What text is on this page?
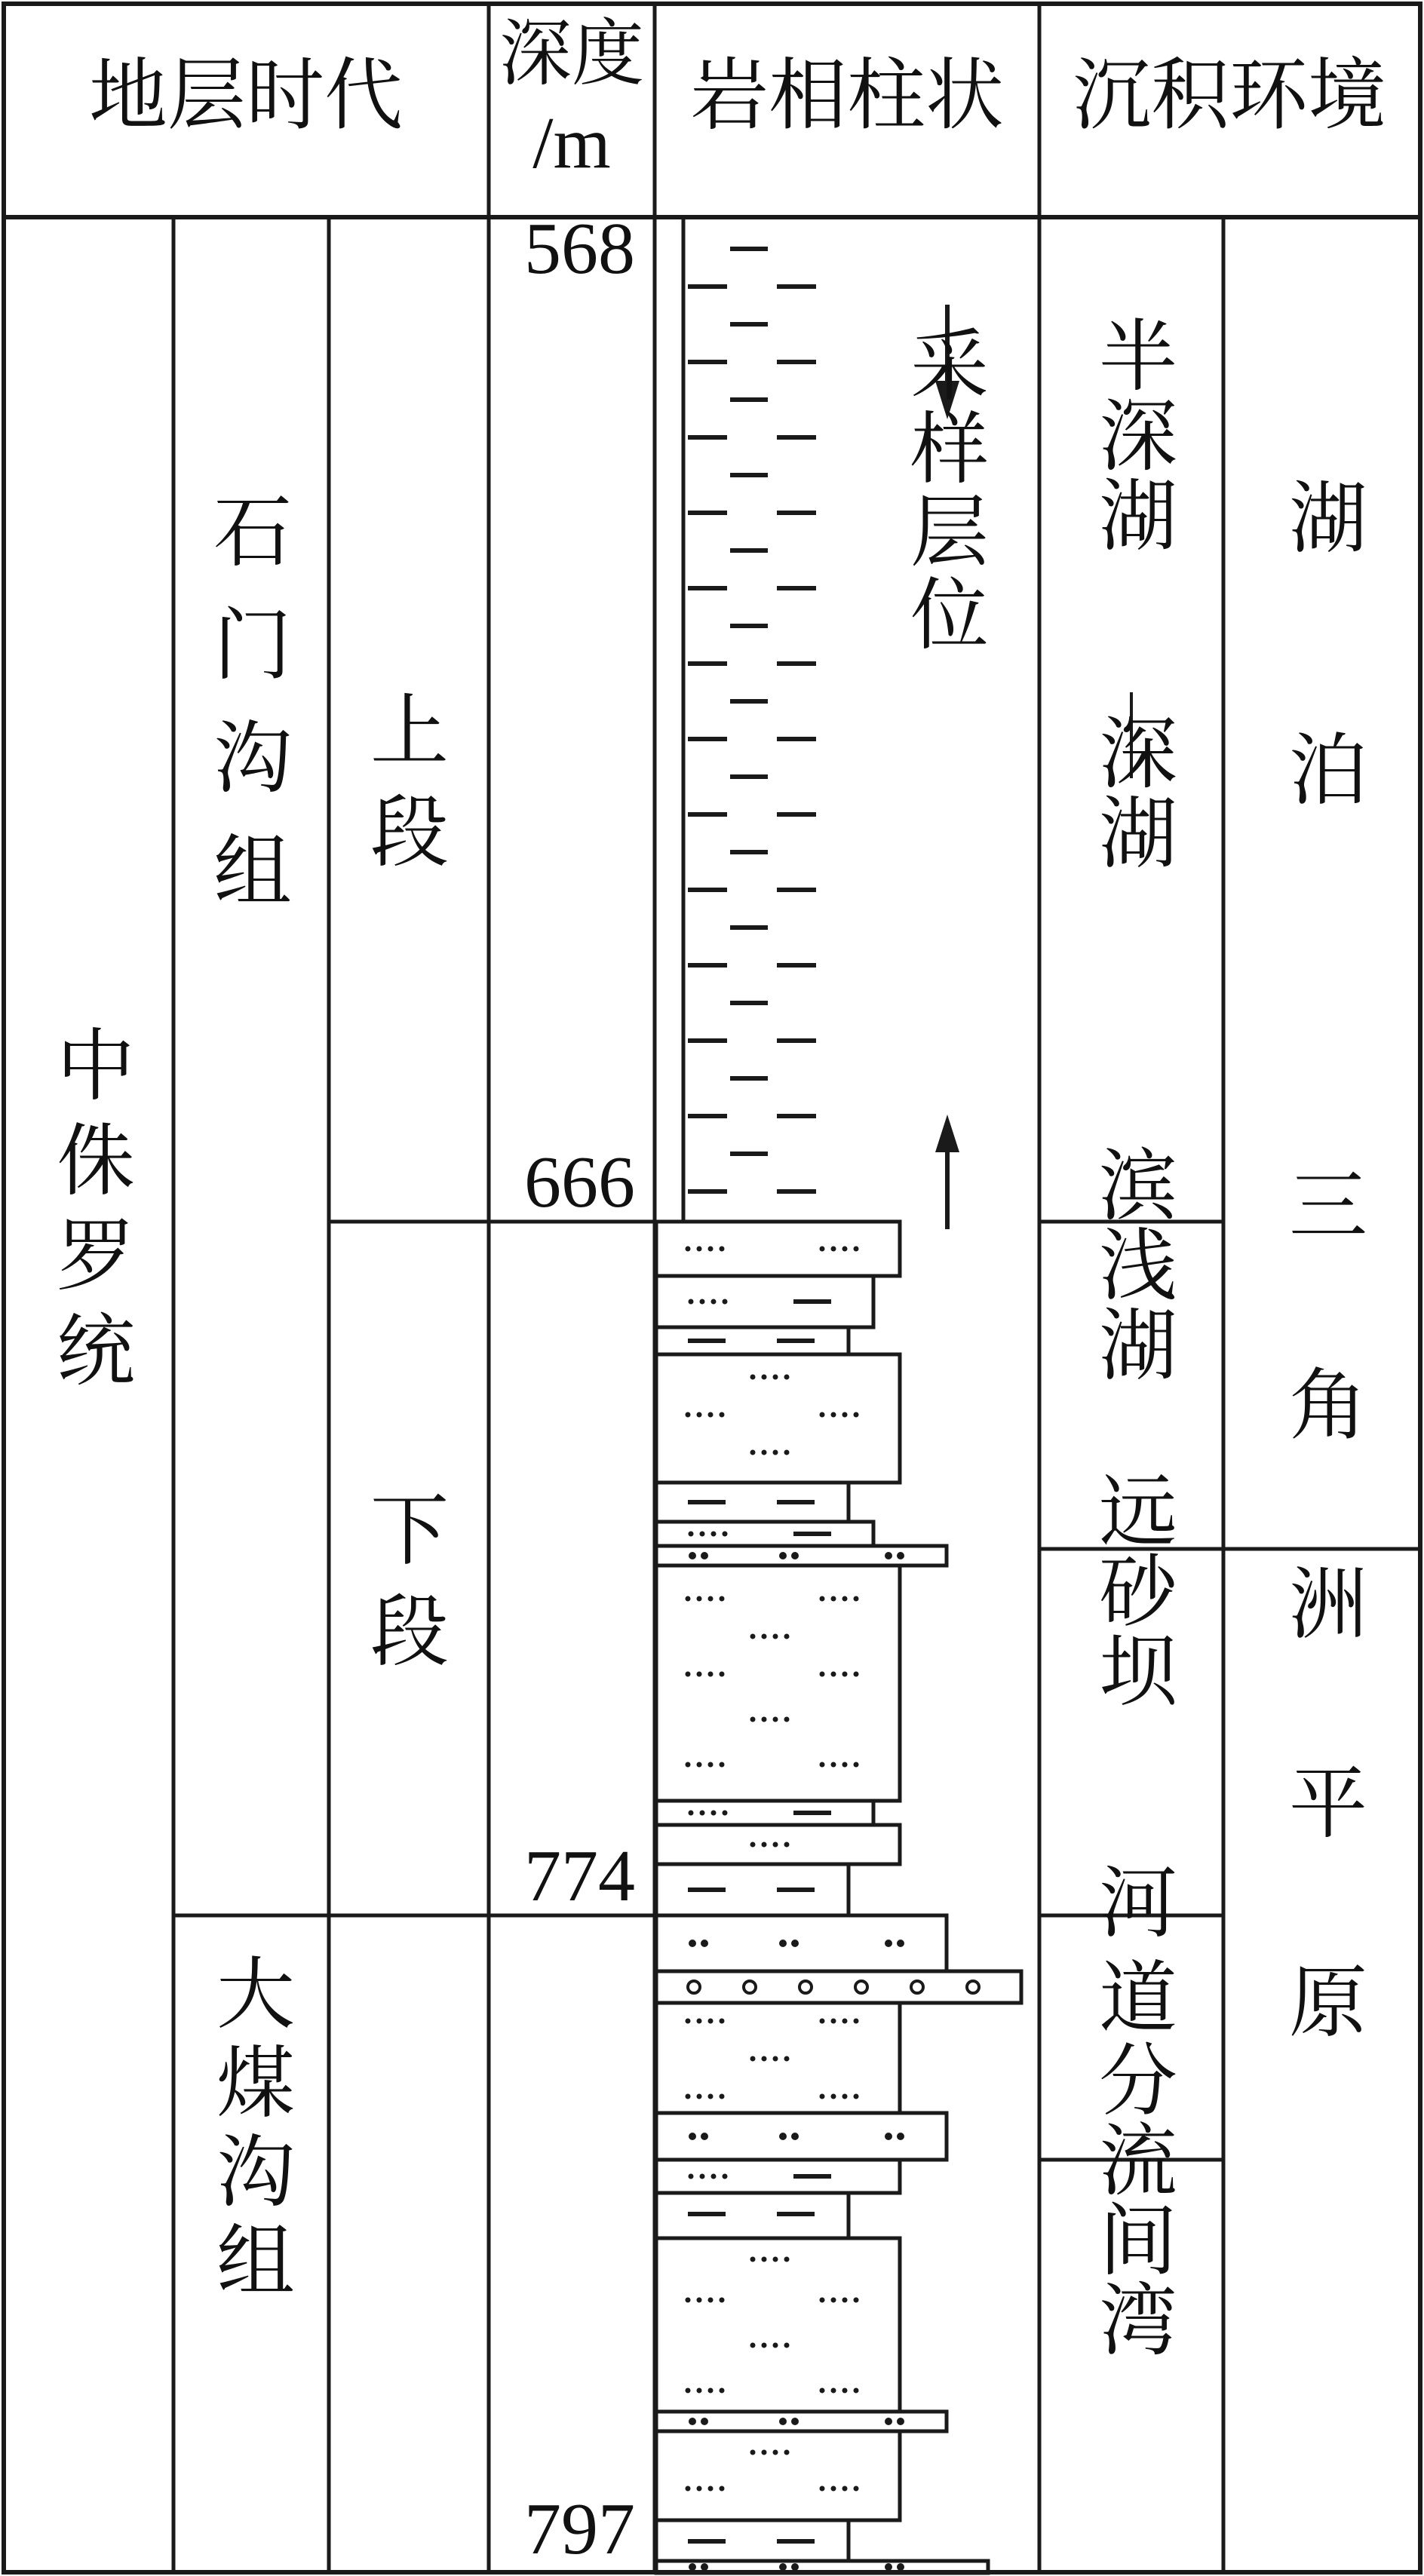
地层时代 深度
/m
岩相柱状 沉积环境
中侏罗统
石门沟组
大煤沟组
上段
下段
568
666
774
797
采样层位 半深湖
深湖
滨浅湖
远砂坝
河道
分流间湾
湖泊
三角洲平原
